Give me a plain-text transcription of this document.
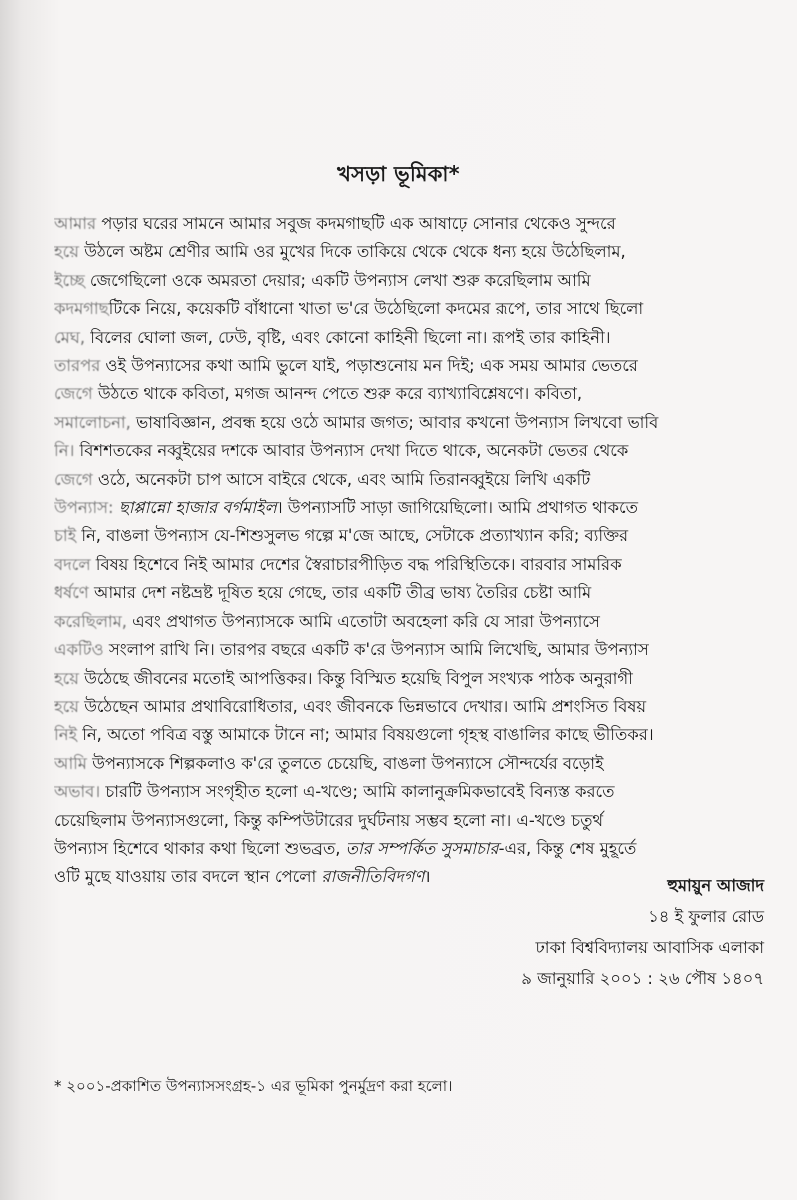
খসড়া ভূমিকা*
আমার পড়ার ঘরের সামনে আমার সবুজ কদমগাছটি এক আষাঢ়ে সোনার থেকেও সুন্দরে
হয়ে উঠলে অষ্টম শ্রেণীর আমি ওর মুখের দিকে তাকিয়ে থেকে থেকে ধন্য হয়ে উঠেছিলাম,
ইচ্ছে জেগেছিলো ওকে অমরতা দেয়ার; একটি উপন্যাস লেখা শুরু করেছিলাম আমি
কদমগাছটিকে নিয়ে, কয়েকটি বাঁধানো খাতা ভ'রে উঠেছিলো কদমের রূপে, তার সাথে ছিলো
মেঘ, বিলের ঘোলা জল, ঢেউ, বৃষ্টি, এবং কোনো কাহিনী ছিলো না। রূপই তার কাহিনী।
তারপর ওই উপন্যাসের কথা আমি ভুলে যাই, পড়াশুনোয় মন দিই; এক সময় আমার ভেতরে
জেগে উঠতে থাকে কবিতা, মগজ আনন্দ পেতে শুরু করে ব্যাখ্যাবিশ্লেষণে। কবিতা,
সমালোচনা, ভাষাবিজ্ঞান, প্রবন্ধ হয়ে ওঠে আমার জগত; আবার কখনো উপন্যাস লিখবো ভাবি
নি। বিশশতকের নব্বুইয়ের দশকে আবার উপন্যাস দেখা দিতে থাকে, অনেকটা ভেতর থেকে
জেগে ওঠে, অনেকটা চাপ আসে বাইরে থেকে, এবং আমি তিরানব্বুইয়ে লিখি একটি
উপন্যাস: ছাপ্পান্নো হাজার বর্গমাইল। উপন্যাসটি সাড়া জাগিয়েছিলো। আমি প্রথাগত থাকতে
চাই নি, বাঙলা উপন্যাস যে-শিশুসুলভ গল্পে ম'জে আছে, সেটাকে প্রত্যাখ্যান করি; ব্যক্তির
বদলে বিষয় হিশেবে নিই আমার দেশের স্বৈরাচারপীড়িত বদ্ধ পরিস্থিতিকে। বারবার সামরিক
ধর্ষণে আমার দেশ নষ্টভ্রষ্ট দূষিত হয়ে গেছে, তার একটি তীব্র ভাষ্য তৈরির চেষ্টা আমি
করেছিলাম, এবং প্রথাগত উপন্যাসকে আমি এতোটা অবহেলা করি যে সারা উপন্যাসে
একটিও সংলাপ রাখি নি। তারপর বছরে একটি ক'রে উপন্যাস আমি লিখেছি, আমার উপন্যাস
হয়ে উঠেছে জীবনের মতোই আপত্তিকর। কিন্তু বিস্মিত হয়েছি বিপুল সংখ্যক পাঠক অনুরাগী
হয়ে উঠেছেন আমার প্রথাবিরোধিতার, এবং জীবনকে ভিন্নভাবে দেখার। আমি প্রশংসিত বিষয়
নিই নি, অতো পবিত্র বস্তু আমাকে টানে না; আমার বিষয়গুলো গৃহস্থ বাঙালির কাছে ভীতিকর।
আমি উপন্যাসকে শিল্পকলাও ক'রে তুলতে চেয়েছি, বাঙলা উপন্যাসে সৌন্দর্যের বড়োই
অভাব। চারটি উপন্যাস সংগৃহীত হলো এ-খণ্ডে; আমি কালানুক্রমিকভাবেই বিন্যস্ত করতে
চেয়েছিলাম উপন্যাসগুলো, কিন্তু কম্পিউটারের দুর্ঘটনায় সম্ভব হলো না। এ-খণ্ডে চতুর্থ
উপন্যাস হিশেবে থাকার কথা ছিলো শুভব্রত, তার সম্পর্কিত সুসমাচার-এর, কিন্তু শেষ মুহূর্তে
ওটি মুছে যাওয়ায় তার বদলে স্থান পেলো রাজনীতিবিদগণ।	হুমায়ুন আজাদ
১৪ ই ফুলার রোড
ঢাকা বিশ্ববিদ্যালয় আবাসিক এলাকা
৯ জানুয়ারি ২০০১ : ২৬ পৌষ ১৪০৭
* ২০০১-প্রকাশিত উপন্যাসসংগ্রহ-১ এর ভূমিকা পুনর্মুদ্রণ করা হলো।
